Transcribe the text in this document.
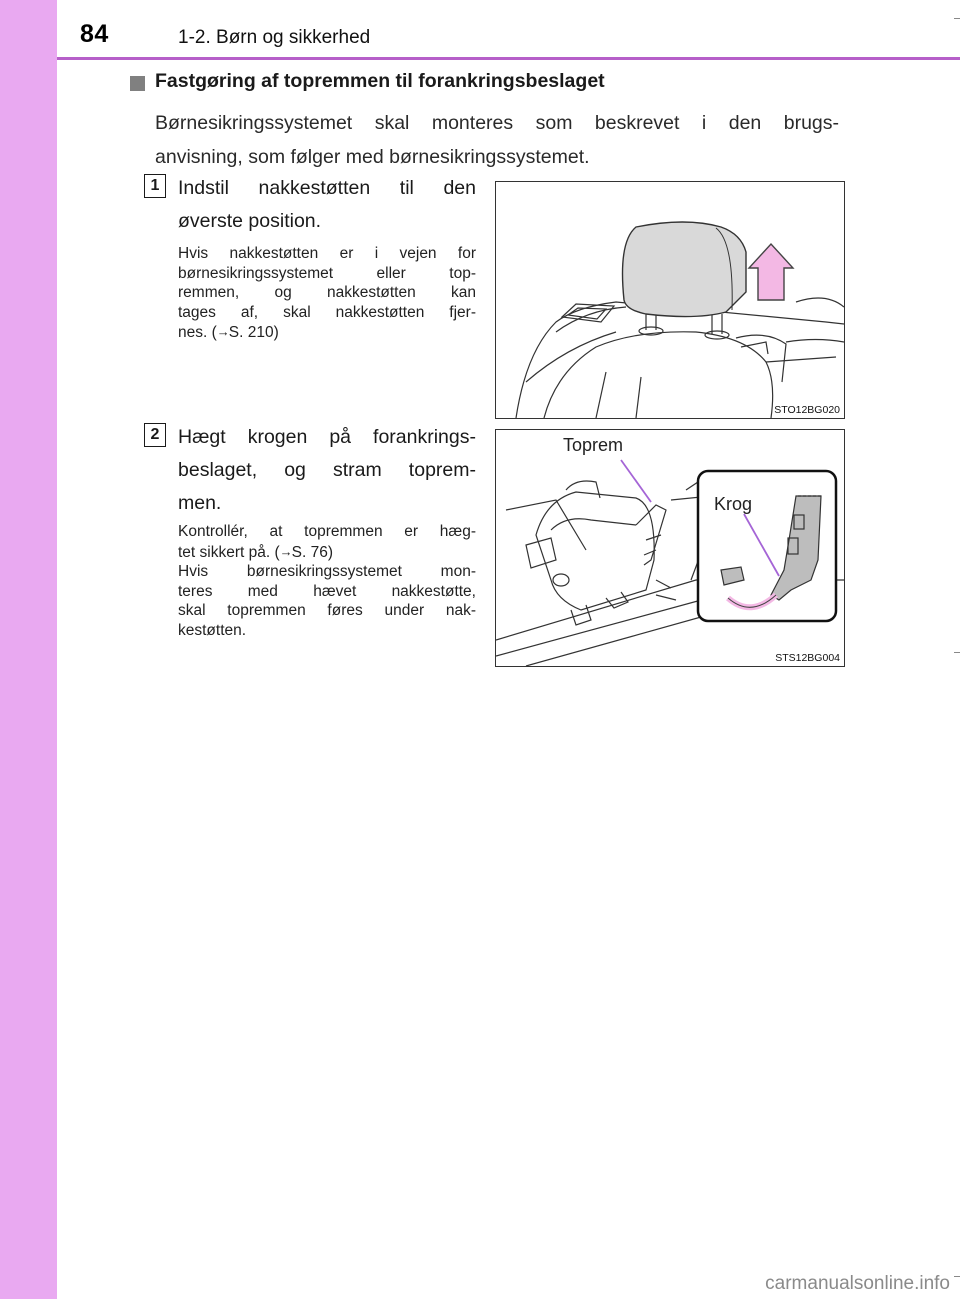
84	1-2. Børn og sikkerhed
Fastgøring af topremmen til forankringsbeslaget
Børnesikringssystemet skal monteres som beskrevet i den brugs-
anvisning, som følger med børnesikringssystemet.
1 Indstil nakkestøtten til den
øverste position.
Hvis nakkestøtten er i vejen for
børnesikringssystemet eller top-
remmen, og nakkestøtten kan
tages af, skal nakkestøtten fjer-
nes. (→S. 210)
STO12BG020
2 Hægt krogen på forankrings-
beslaget, og stram toprem-
men.
Kontrollér, at topremmen er hæg-
tet sikkert på. (→S. 76)
Hvis børnesikringssystemet mon-
teres med hævet nakkestøtte,
skal topremmen føres under nak-
kestøtten.
Toprem
Krog
STS12BG004
carmanualsonline.info
